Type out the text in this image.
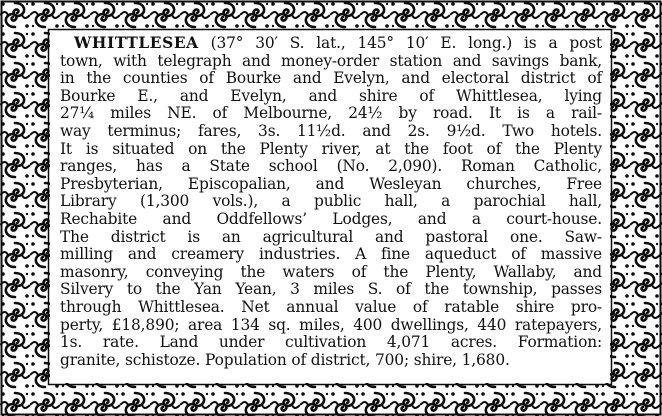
WHITTLESEA (37° 30′ S. lat., 145° 10′ E. long.) is a post
town, with telegraph and money-order station and savings bank,
in the counties of Bourke and Evelyn, and electoral district of
Bourke E., and Evelyn, and shire of Whittlesea, lying
27¼ miles NE. of Melbourne, 24½ by road. It is a rail-
way terminus; fares, 3s. 11½d. and 2s. 9½d. Two hotels.
It is situated on the Plenty river, at the foot of the Plenty
ranges, has a State school (No. 2,090). Roman Catholic,
Presbyterian, Episcopalian, and Wesleyan churches, Free
Library (1,300 vols.), a public hall, a parochial hall,
Rechabite and Oddfellows’ Lodges, and a court-house.
The district is an agricultural and pastoral one. Saw-
milling and creamery industries. A fine aqueduct of massive
masonry, conveying the waters of the Plenty, Wallaby, and
Silvery to the Yan Yean, 3 miles S. of the township, passes
through Whittlesea. Net annual value of ratable shire pro-
perty, £18,890; area 134 sq. miles, 400 dwellings, 440 ratepayers,
1s. rate. Land under cultivation 4,071 acres. Formation:
granite, schistoze. Population of district, 700; shire, 1,680.
